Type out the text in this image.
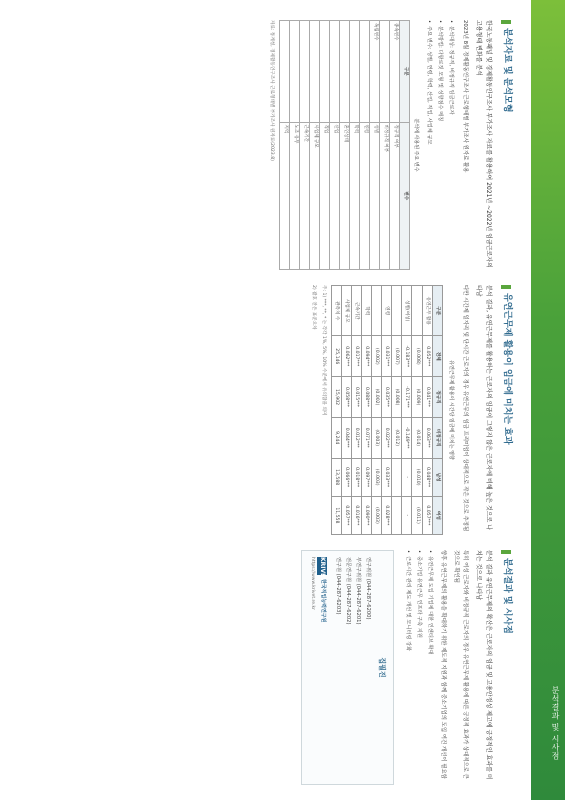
분석결과 및 시사점
분석자료 및 분석모형

한국노동패널 및 경제활동인구조사 부가조사 자료를 활용하여 2021년 ~2022년 임금근로자의 고용형태 변화를 분석

2023년 8월 경제활동인구조사 근로형태별 부가조사 원자료 활용

•
분석대상: 정규직, 비정규직 임금근로자
•
분석방법: 다항로짓 모형 및 성향점수 매칭
•
주요 변수: 성별, 연령, 학력, 산업, 직업, 사업체 규모
분석에 사용된 주요 변수
구분	변수
종속변수	정규직 여부
	비정규직 여부
독립변수	성별
	연령
	학력
	혼인상태
	산업
	직업
	사업체 규모
	근속기간
	노조 유무
	지역

자료: 통계청, 경제활동인구조사 근로형태별 부가조사 원자료(2023.8)

유연근무제 활용이 임금에 미치는 효과

분석 결과, 유연근무제를 활용하는 근로자의 임금이 그렇지 않은 근로자에 비해 높은 것으로 나타남

다만 시간제 일자리 및 단시간 근로자의 경우 유연근무의 임금 프리미엄이 상대적으로 작은 것으로 추정됨

유연근무제 활용이 시간당 임금에 미치는 영향
구분	전체	정규직	비정규직	남성	여성
유연근무 활용	0.052***	0.041***	0.063***	0.048***	0.057***
	(0.008)	(0.009)	(0.014)	(0.010)	(0.011)
성별(여성)	-0.183***	-0.171***	-0.149***	-	-
	(0.007)	(0.008)	(0.012)		
연령	0.031***	0.035***	0.022***	0.033***	0.028***
	(0.002)	(0.002)	(0.003)	(0.003)	(0.003)
학력	0.094***	0.088***	0.071***	0.097***	0.090***
근속기간	0.017***	0.015***	0.012***	0.018***	0.016***
사업체 규모	0.062***	0.058***	0.044***	0.066***	0.057***
관측치 수	25,146	15,902	9,244	13,588	11,558

주: 1) ***, **, * 는 각각 1%, 5%, 10% 수준에서 유의함을 의미

2) 괄호 안은 표준오차

분석결과 및 시사점

분석 결과 유연근무제의 확산은 근로자의 임금 및 고용안정성 제고에 긍정적인 효과를 미치는 것으로 나타남

특히 여성 근로자와 비정규직 근로자의 경우 유연근무제 활용에 따른 긍정적 효과가 상대적으로 큰 것으로 확인됨

향후 유연근무제의 활용을 확대하기 위한 제도적 지원과 함께 중소기업의 도입 여건 개선이 필요함

•
유연근무제 도입 기업에 대한 인센티브 확대
•
중소기업 유연근무 인프라 구축 지원
•
근로시간 관리 제도 개선 및 모니터링 강화
집필진
연구위원 (044-287-6200)
부연구위원 (044-287-6201)
전문연구원 (044-287-6202)
연구원 (044-287-6203)
KRIVET
한국직업능력연구원
https://www.krivet.re.kr
